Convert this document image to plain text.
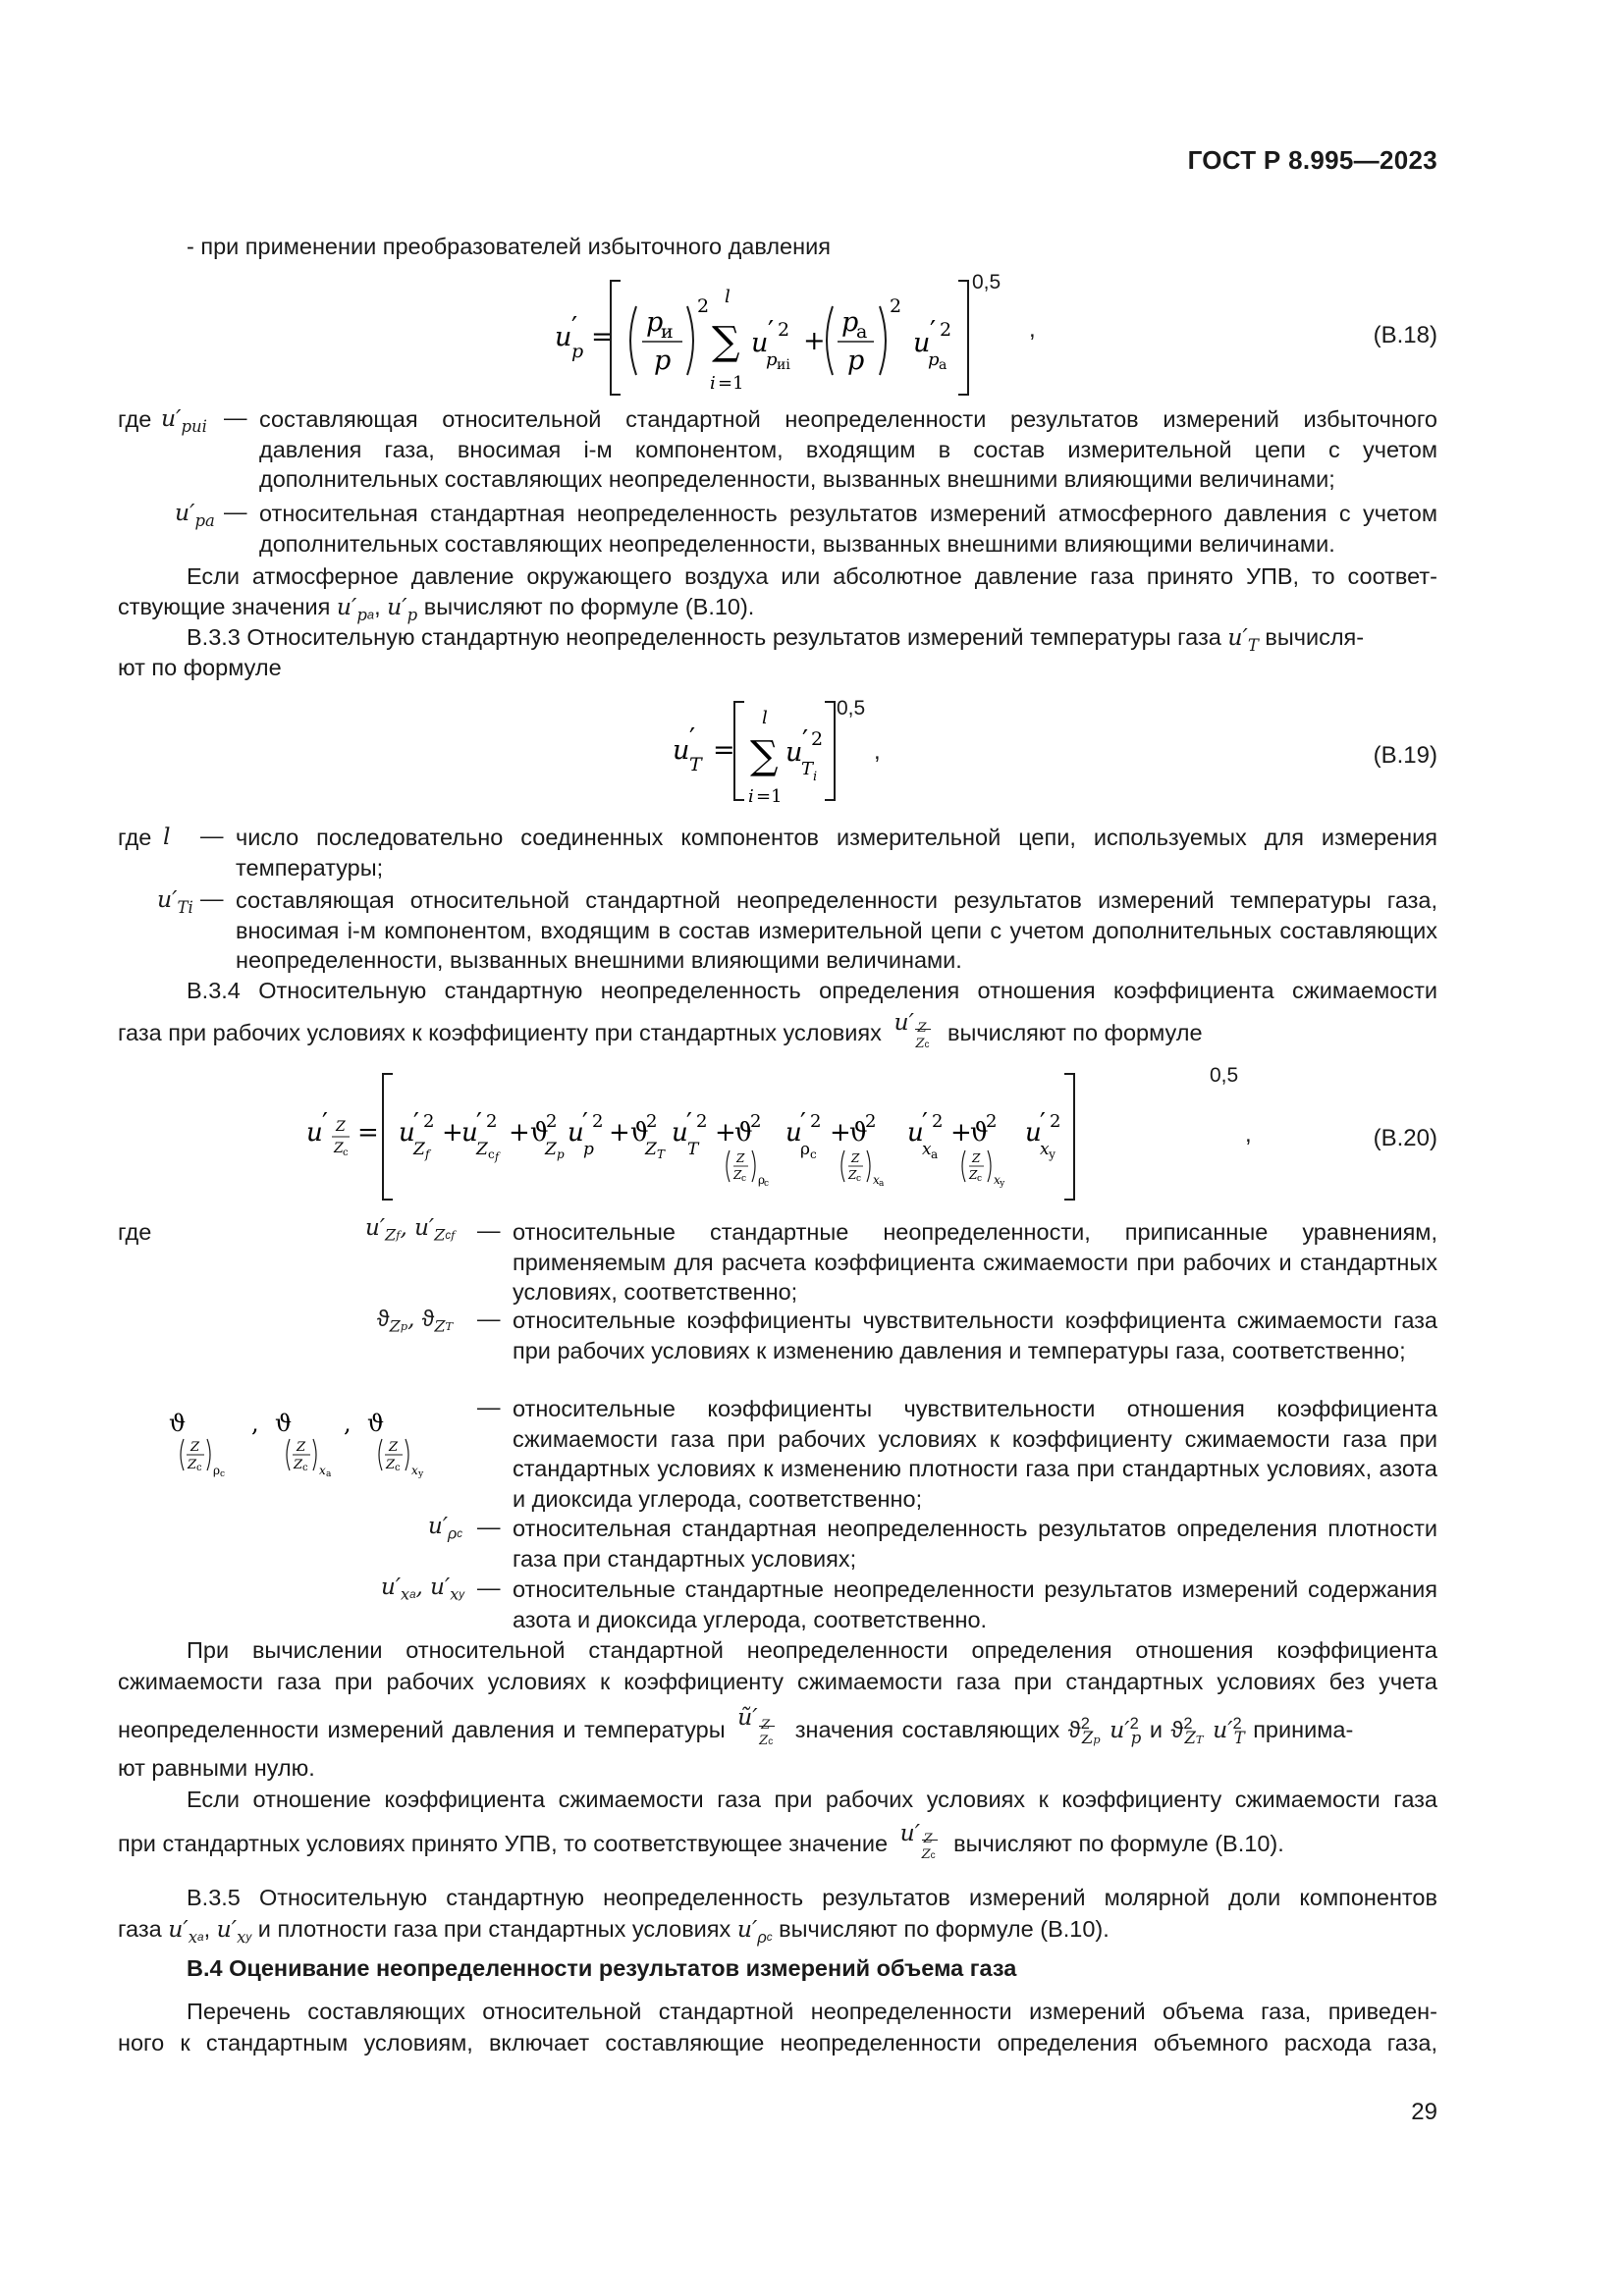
ГОСТ Р 8.995—2023
- при применении преобразователей избыточного давления
u ′
p = p
и
p
2 l
∑
i =1
u ′ 2
p иi
+
p
а
p
2
u ′ 2
p а
0,5
,	(В.18)
где $u'_{pиi}$ — составляющая относительной стандартной неопределенности результатов измерений избыточного давления газа, вносимая i-м компонентом, входящим в состав измерительной цепи с учетом дополнительных составляющих неопределенности, вызванных внешними влияющими величинами;
$u'_{pа}$ — относительная стандартная неопределенность результатов измерений атмосферного давления с учетом дополнительных составляющих неопределенности, вызванных внешними влияющими величинами.
Если атмосферное давление окружающего воздуха или абсолютное давление газа принято УПВ, то соответ-
ствующие значения $u'_{pа}$, $u'_p$ вычисляют по формуле (В.10).
В.3.3 Относительную стандартную неопределенность результатов измерений температуры газа $u'_T$ вычисля-
ют по формуле
u ′
T =
l
∑
i =1
u ′ 2
T i
0,5
,	(В.19)
где l — число последовательно соединенных компонентов измерительной цепи, используемых для измерения температуры;
$u'_{Ti}$ — составляющая относительной стандартной неопределенности результатов измерений температуры газа, вносимая i-м компонентом, входящим в состав измерительной цепи с учетом дополнительных составляющих неопределенности, вызванных внешними влияющими величинами.
В.3.4 Относительную стандартную неопределенность определения отношения коэффициента сжимаемости
газа при рабочих условиях к коэффициенту при стандартных условиях u′ Z
Zс вычисляют по формуле
u ′ Z
Z с
= u
′ 2
Z f
+
u
′ 2
Z с f
+ ϑ
2
Z p
u
′ 2
p
+ ϑ
2
Z T
u
′ 2
T
+
ϑ
2
Z
Z с ρ
с
u
′ 2
ρ с
+
ϑ
2
Z
Z с x а
u
′ 2
x а
+
ϑ
2
Z
Z с x у
u
′ 2
x у
0,5
,	(В.20)
где	$u'_{Zf}$, $u'_{Zсf}$ — относительные стандартные неопределенности, приписанные уравнениям, применяемым для расчета коэффициента сжимаемости при рабочих и стандартных условиях, соответственно;
$ϑ_{Zp}$, $ϑ_{ZT}$ — относительные коэффициенты чувствительности коэффициента сжимаемости газа при рабочих условиях к изменению давления и температуры газа, соответственно;
ϑ
Z
Z с ρ с
, ϑ
Z
Z с x а
, ϑ
Z
Z с x у
— относительные коэффициенты чувствительности отношения коэффициента сжимаемости газа при рабочих условиях к коэффициенту сжимаемости газа при стандартных условиях к изменению плотности газа при стандартных условиях, азота и диоксида углерода, соответственно;
$u'_{\rho с}$ — относительная стандартная неопределенность результатов определения плотности газа при стандартных условиях;
$u'_{xа}$, $u'_{xу}$ — относительные стандартные неопределенности результатов измерений содержания азота и диоксида углерода, соответственно.
При вычислении относительной стандартной неопределенности определения отношения коэффициента
сжимаемости газа при рабочих условиях к коэффициенту сжимаемости газа при стандартных условиях без учета
неопределенности измерений давления и температуры ũ′ Z
Zс значения составляющих $ϑ^2_{Zp}$ $u'^2_p$ и $ϑ^2_{ZT}$ $u'^2_T$ принима-
ют равными нулю.
Если отношение коэффициента сжимаемости газа при рабочих условиях к коэффициенту сжимаемости газа
при стандартных условиях принято УПВ, то соответствующее значение u′ Z
Zс вычисляют по формуле (В.10).
В.3.5 Относительную стандартную неопределенность результатов измерений молярной доли компонентов
газа $u'_{xа}$, $u'_{xу}$ и плотности газа при стандартных условиях $u'_{\rho с}$ вычисляют по формуле (В.10).
В.4 Оценивание неопределенности результатов измерений объема газа
Перечень составляющих относительной стандартной неопределенности измерений объема газа, приведен-
ного к стандартным условиям, включает составляющие неопределенности определения объемного расхода газа,
29
